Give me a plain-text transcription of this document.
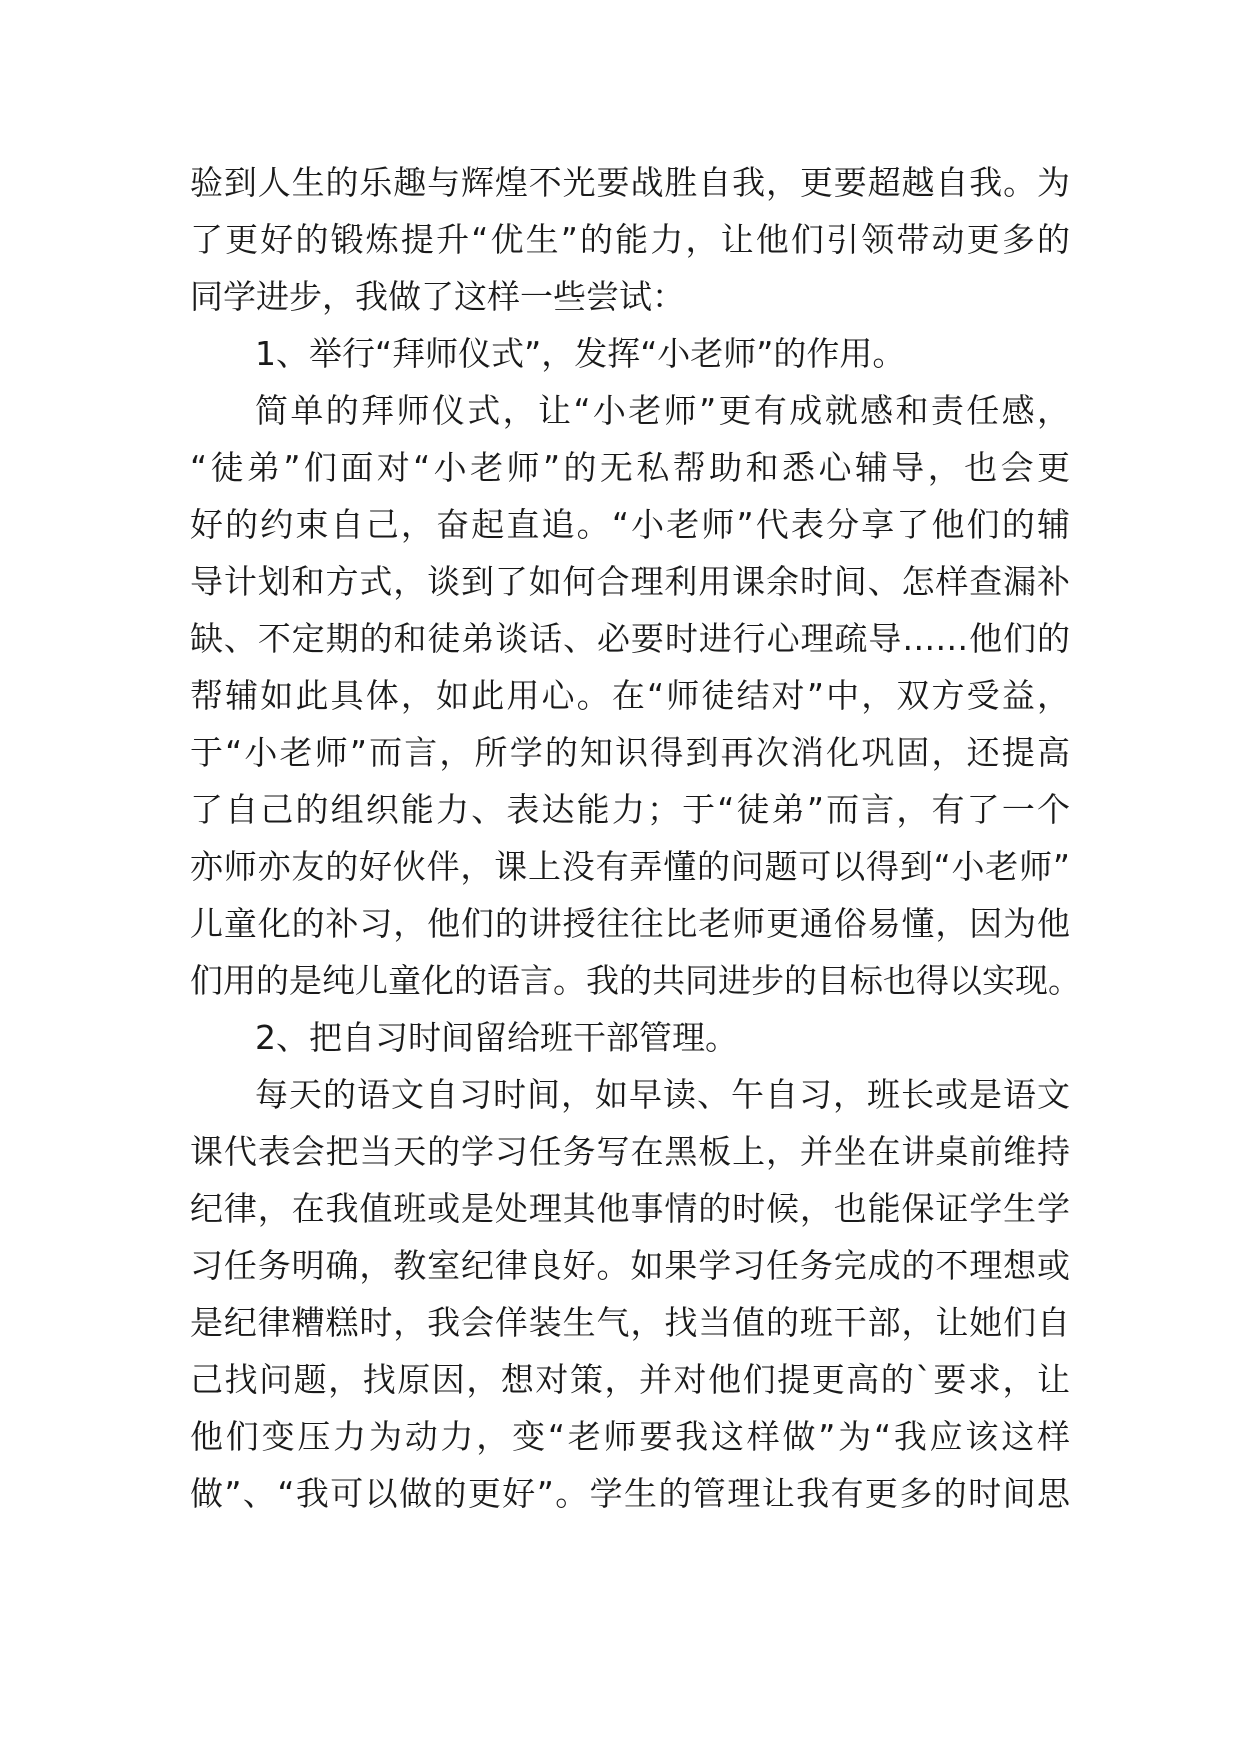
验到人生的乐趣与辉煌不光要战胜自我，更要超越自我。为
了更好的锻炼提升“优生”的能力，让他们引领带动更多的
同学进步，我做了这样一些尝试：
1、举行“拜师仪式”，发挥“小老师”的作用。
简单的拜师仪式，让“小老师”更有成就感和责任感，
“徒弟”们面对“小老师”的无私帮助和悉心辅导，也会更
好的约束自己，奋起直追。“小老师”代表分享了他们的辅
导计划和方式，谈到了如何合理利用课余时间、怎样查漏补
缺、不定期的和徒弟谈话、必要时进行心理疏导……他们的
帮辅如此具体，如此用心。在“师徒结对”中，双方受益，
于“小老师”而言，所学的知识得到再次消化巩固，还提高
了自己的组织能力、表达能力；于“徒弟”而言，有了一个
亦师亦友的好伙伴，课上没有弄懂的问题可以得到“小老师”
儿童化的补习，他们的讲授往往比老师更通俗易懂，因为他
们用的是纯儿童化的语言。我的共同进步的目标也得以实现。
2、把自习时间留给班干部管理。
每天的语文自习时间，如早读、午自习，班长或是语文
课代表会把当天的学习任务写在黑板上，并坐在讲桌前维持
纪律，在我值班或是处理其他事情的时候，也能保证学生学
习任务明确，教室纪律良好。如果学习任务完成的不理想或
是纪律糟糕时，我会佯装生气，找当值的班干部，让她们自
己找问题，找原因，想对策，并对他们提更高的`要求，让
他们变压力为动力，变“老师要我这样做”为“我应该这样
做”、“我可以做的更好”。学生的管理让我有更多的时间思
